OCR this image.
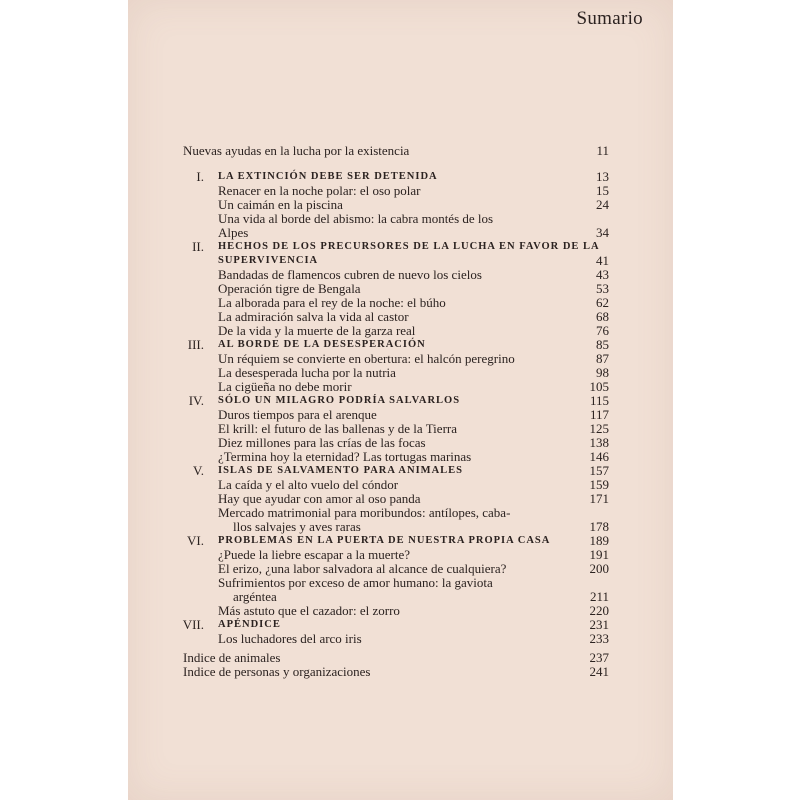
Sumario
Nuevas ayudas en la lucha por la existencia	11
I. LA EXTINCIÓN DEBE SER DETENIDA	13
Renacer en la noche polar: el oso polar	15
Un caimán en la piscina	24
Una vida al borde del abismo: la cabra montés de los
Alpes	34
II. HECHOS DE LOS PRECURSORES DE LA LUCHA EN FAVOR DE LA
SUPERVIVENCIA	41
Bandadas de flamencos cubren de nuevo los cielos	43
Operación tigre de Bengala	53
La alborada para el rey de la noche: el búho	62
La admiración salva la vida al castor	68
De la vida y la muerte de la garza real	76
III. AL BORDE DE LA DESESPERACIÓN	85
Un réquiem se convierte en obertura: el halcón peregrino	87
La desesperada lucha por la nutria	98
La cigüeña no debe morir	105
IV. SÓLO UN MILAGRO PODRÍA SALVARLOS	115
Duros tiempos para el arenque	117
El krill: el futuro de las ballenas y de la Tierra	125
Diez millones para las crías de las focas	138
¿Termina hoy la eternidad? Las tortugas marinas	146
V. ISLAS DE SALVAMENTO PARA ANIMALES	157
La caída y el alto vuelo del cóndor	159
Hay que ayudar con amor al oso panda	171
Mercado matrimonial para moribundos: antílopes, caba-
llos salvajes y aves raras	178
VI. PROBLEMAS EN LA PUERTA DE NUESTRA PROPIA CASA	189
¿Puede la liebre escapar a la muerte?	191
El erizo, ¿una labor salvadora al alcance de cualquiera?	200
Sufrimientos por exceso de amor humano: la gaviota
argéntea	211
Más astuto que el cazador: el zorro	220
VII. APÉNDICE	231
Los luchadores del arco iris	233
Indice de animales	237
Indice de personas y organizaciones	241
